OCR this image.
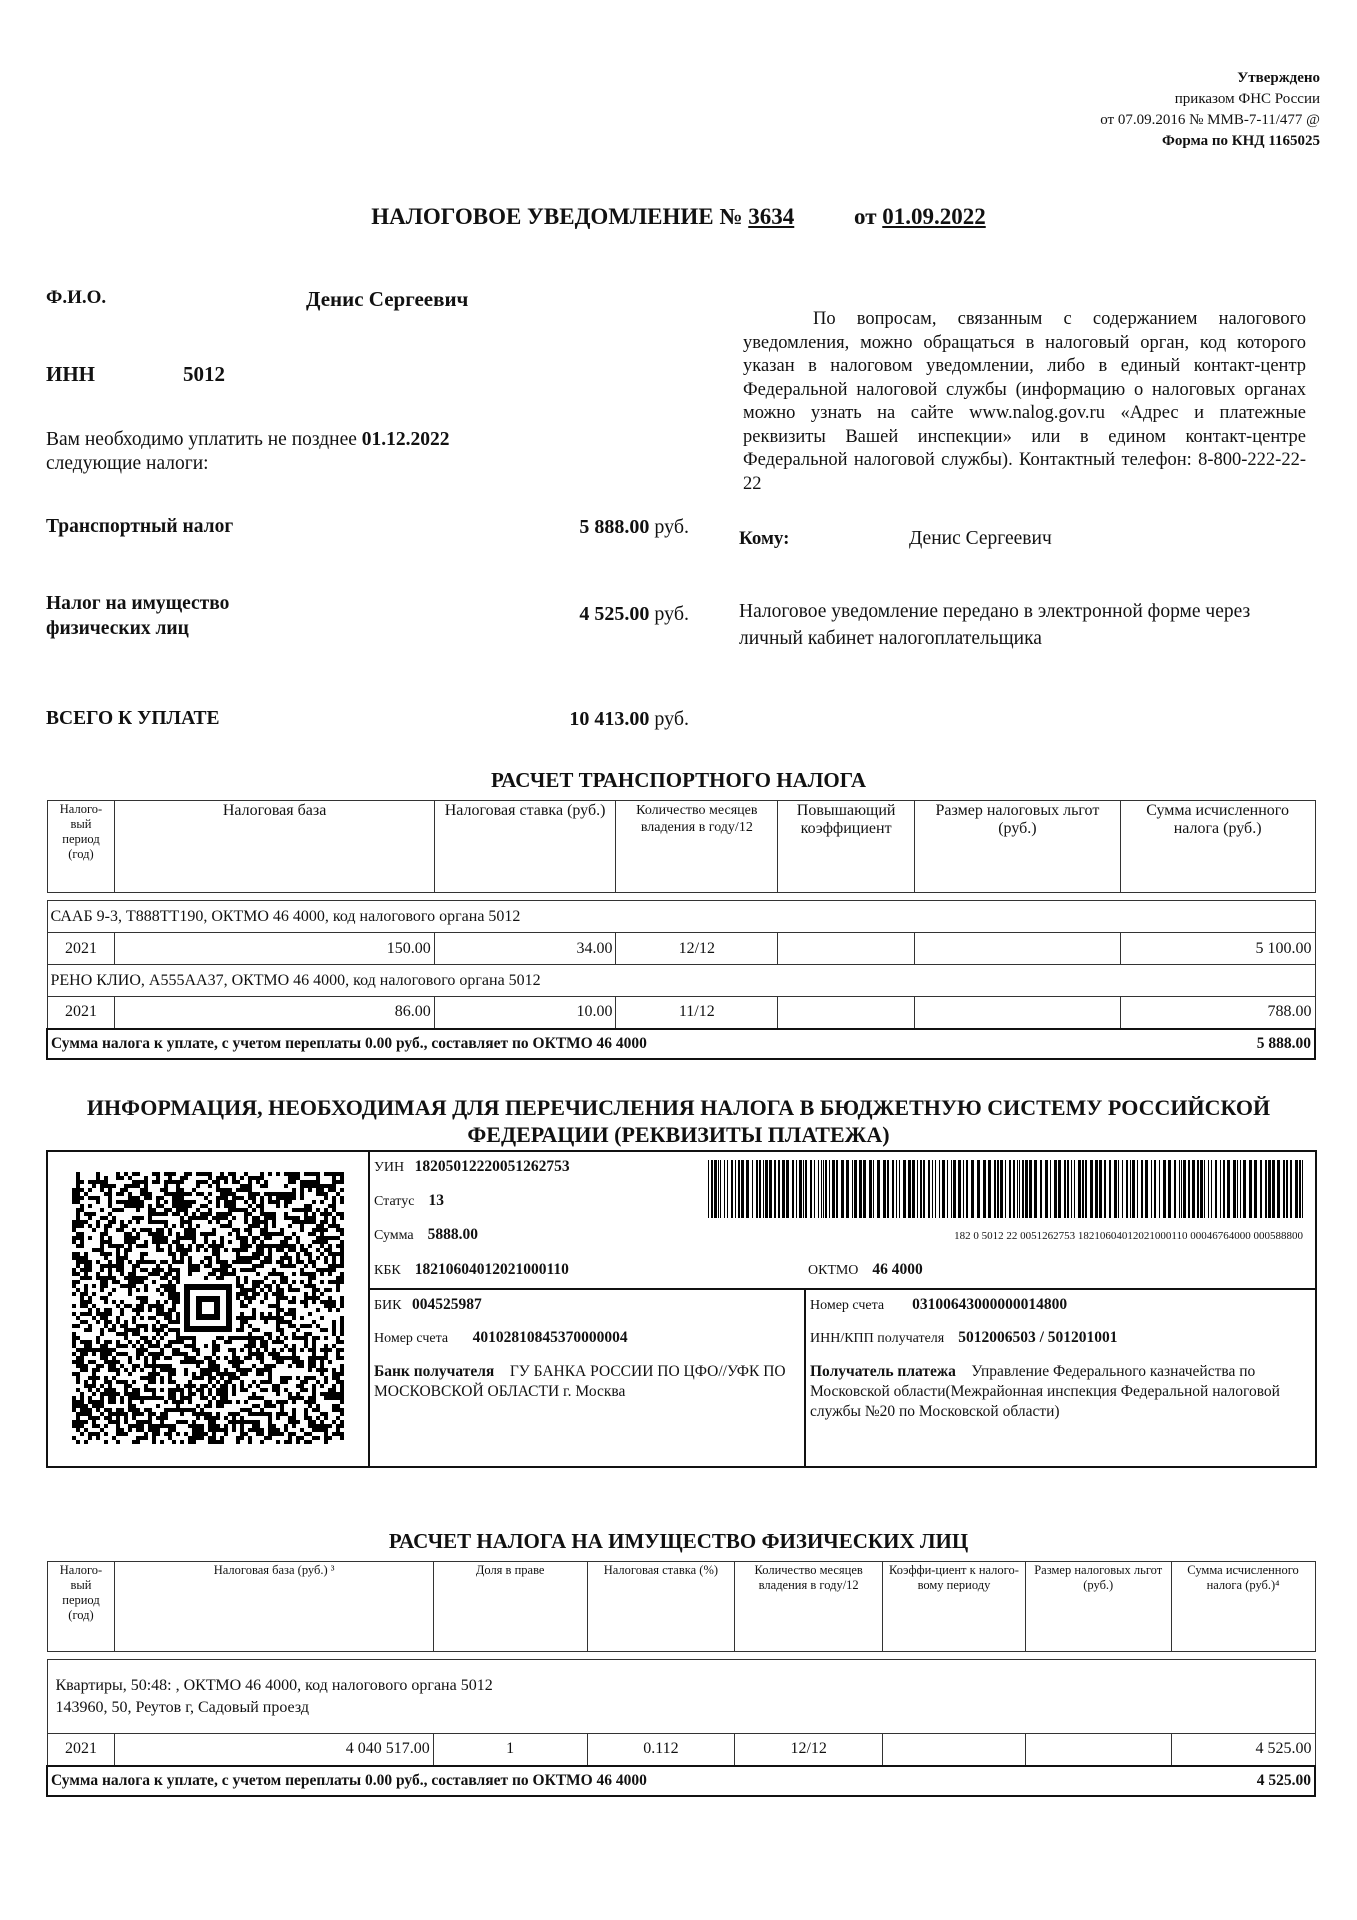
Утверждено
приказом ФНС России
от 07.09.2016 № ММВ-7-11/477 @
Форма по КНД 1165025
НАЛОГОВОЕ УВЕДОМЛЕНИЕ № 3634	от 01.09.2022
Ф.И.О.	Денис Сергеевич
ИНН	5012
Вам необходимо уплатить не позднее 01.12.2022
следующие налоги:
Транспортный налог	5 888.00 руб.
Налог на имущество физических лиц
4 525.00 руб.
ВСЕГО К УПЛАТЕ	10 413.00 руб.
По вопросам, связанным с содержанием налогового уведомления, можно обращаться в налоговый орган, код которого указан в налоговом уведомлении, либо в единый контакт-центр Федеральной налоговой службы (информацию о налоговых органах можно узнать на сайте www.nalog.gov.ru «Адрес и платежные реквизиты Вашей инспекции» или в едином контакт-центре Федеральной налоговой службы). Контактный телефон: 8-800-222-22-22
Кому:	Денис Сергеевич
Налоговое уведомление передано в электронной форме через личный кабинет налогоплательщика
РАСЧЕТ ТРАНСПОРТНОГО НАЛОГА
Налого-вый период (год)	Налоговая база	Налоговая ставка (руб.)	Количество месяцев владения в году/12	Повышающий коэффициент	Размер налоговых льгот (руб.)	Сумма исчисленного налога (руб.)

СААБ 9-3, Т888ТТ190, ОКТМО 46 4000, код налогового органа 5012						
2021	150.00	34.00	12/12			5 100.00
РЕНО КЛИО, А555АА37, ОКТМО 46 4000, код налогового органа 5012						
2021	86.00	10.00	11/12			788.00
Сумма налога к уплате, с учетом переплаты 0.00 руб., составляет по ОКТМО 46 4000						5 888.00
ИНФОРМАЦИЯ, НЕОБХОДИМАЯ ДЛЯ ПЕРЕЧИСЛЕНИЯ НАЛОГА В БЮДЖЕТНУЮ СИСТЕМУ РОССИЙСКОЙ ФЕДЕРАЦИИ (РЕКВИЗИТЫ ПЛАТЕЖА)
УИН 18205012220051262753
Статус 13
Сумма 5888.00
КБК 18210604012021000110	ОКТМО 46 4000
182 0 5012 22 0051262753 18210604012021000110 00046764000 000588800
БИК 004525987
Номер счета 40102810845370000004
Банк получателя ГУ БАНКА РОССИИ ПО ЦФО//УФК ПО МОСКОВСКОЙ ОБЛАСТИ г. Москва
Номер счета 03100643000000014800
ИНН/КПП получателя 5012006503 / 501201001
Получатель платежа Управление Федерального казначейства по Московской области(Межрайонная инспекция Федеральной налоговой службы №20 по Московской области)
РАСЧЕТ НАЛОГА НА ИМУЩЕСТВО ФИЗИЧЕСКИХ ЛИЦ
Налого-вый период (год)	Налоговая база (руб.) ³	Доля в праве	Налоговая ставка (%)	Количество месяцев владения в году/12	Коэффи-циент к налого-вому периоду	Размер налоговых льгот (руб.)	Сумма исчисленного налога (руб.)⁴

Квартиры, 50:48: , ОКТМО 46 4000, код налогового органа 5012
143960, 50, Реутов г, Садовый проезд							

2021	4 040 517.00	1	0.112	12/12			4 525.00
Сумма налога к уплате, с учетом переплаты 0.00 руб., составляет по ОКТМО 46 4000							4 525.00
